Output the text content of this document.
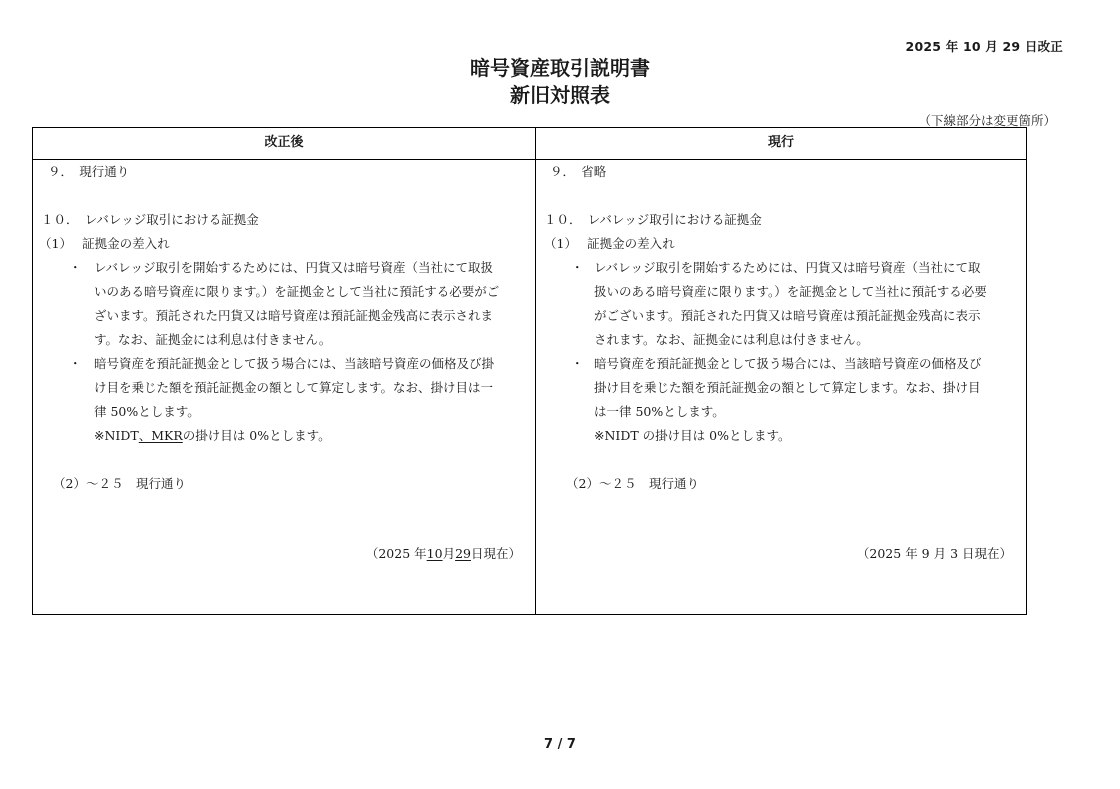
2025 年 10 月 29 日改正
暗号資産取引説明書
新旧対照表
（下線部分は変更箇所）
改正後	現行
９．　現行通り
１０．　レバレッジ取引における証拠金
（1）　 証拠金の差入れ
・ レバレッジ取引を開始するためには、円貨又は暗号資産（当社にて取扱
いのある暗号資産に限ります。）を証拠金として当社に預託する必要がご
ざいます。預託された円貨又は暗号資産は預託証拠金残高に表示されま
す。なお、証拠金には利息は付きません。
・ 暗号資産を預託証拠金として扱う場合には、当該暗号資産の価格及び掛
け目を乗じた額を預託証拠金の額として算定します。なお、掛け目は一
律 50%とします。
※NIDT、MKRの掛け目は 0%とします。
（2）～２５　現行通り
（2025 年10月29日現在）
９．　省略
１０．　レバレッジ取引における証拠金
（1）　 証拠金の差入れ
・ レバレッジ取引を開始するためには、円貨又は暗号資産（当社にて取
扱いのある暗号資産に限ります。）を証拠金として当社に預託する必要
がございます。預託された円貨又は暗号資産は預託証拠金残高に表示
されます。なお、証拠金には利息は付きません。
・ 暗号資産を預託証拠金として扱う場合には、当該暗号資産の価格及び
掛け目を乗じた額を預託証拠金の額として算定します。なお、掛け目
は一律 50%とします。
※NIDT の掛け目は 0%とします。
（2）～２５　現行通り
（2025 年 9 月 3 日現在）
7 / 7
